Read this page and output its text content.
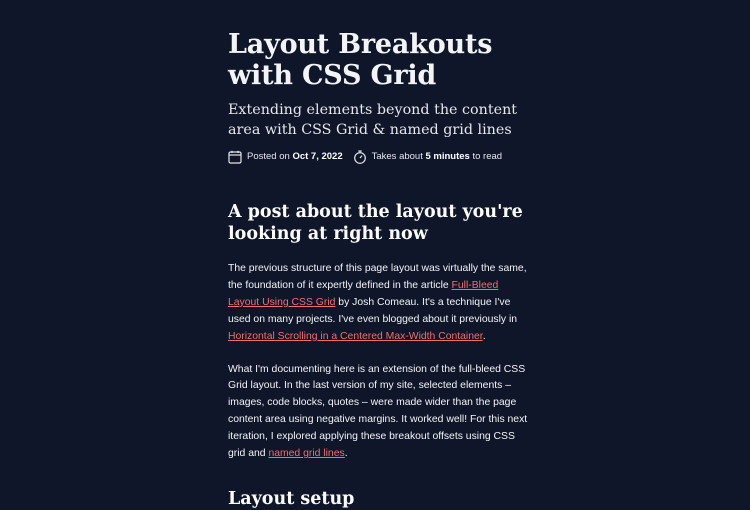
Layout Breakouts
with CSS Grid

Extending elements beyond the content area with CSS Grid & named grid lines

Posted on
Oct 7, 2022	Takes about
5 minutes
to read
A post about the layout you're looking at right now

The previous structure of this page layout was virtually the same, the foundation of it expertly defined in the article Full-Bleed Layout Using CSS Grid by Josh Comeau. It's a technique I've used on many projects. I've even blogged about it previously in Horizontal Scrolling in a Centered Max-Width Container.

What I'm documenting here is an extension of the full-bleed CSS Grid layout. In the last version of my site, selected elements – images, code blocks, quotes – were made wider than the page content area using negative margins. It worked well! For this next iteration, I explored applying these breakout offsets using CSS grid and named grid lines.

Layout setup
